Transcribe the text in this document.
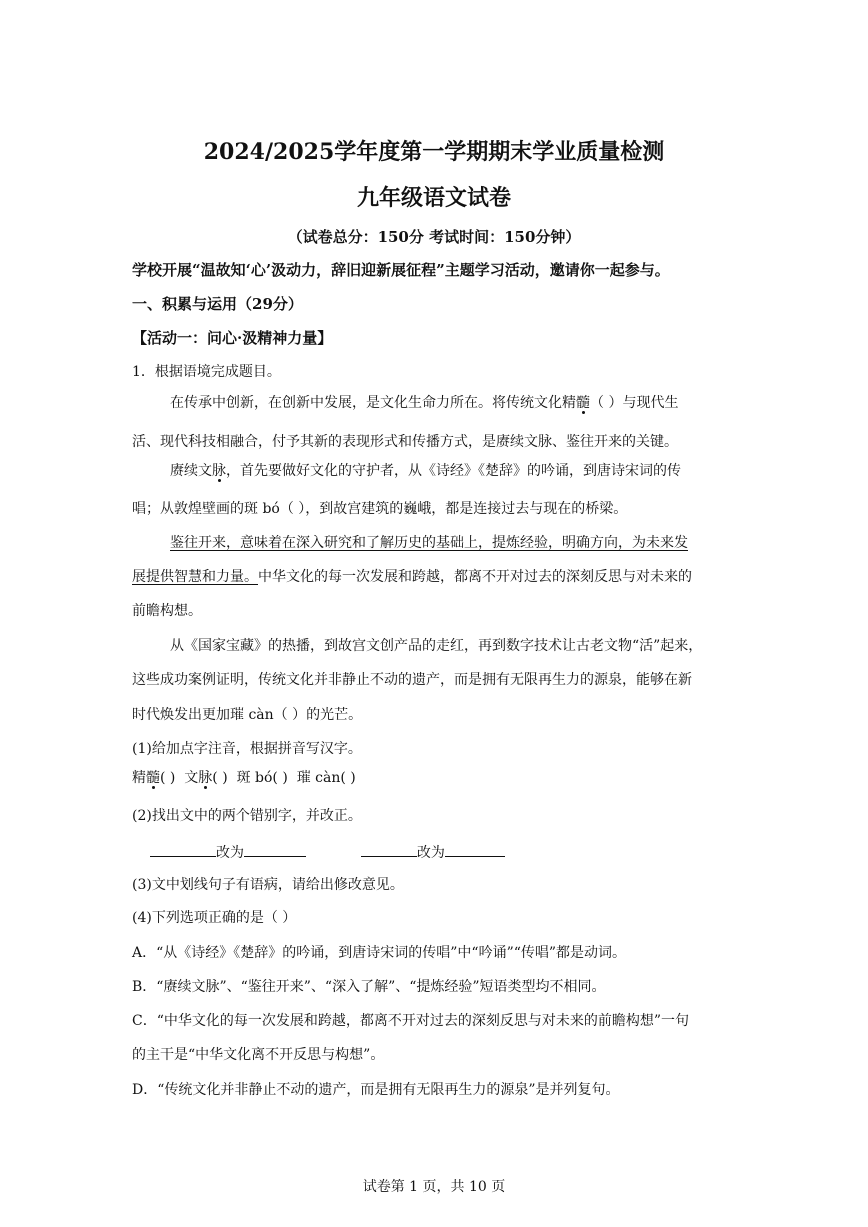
2024/2025学年度第一学期期末学业质量检测
九年级语文试卷
（试卷总分：150分 考试时间：150分钟）
学校开展“温故知‘心’汲动力，辞旧迎新展征程”主题学习活动，邀请你一起参与。
一、积累与运用（29分）
【活动一：问心·汲精神力量】
1．根据语境完成题目。
在传承中创新，在创新中发展，是文化生命力所在。将传统文化精髓（ ）与现代生
活、现代科技相融合，付予其新的表现形式和传播方式，是赓续文脉、鉴往开来的关键。
赓续文脉，首先要做好文化的守护者，从《诗经》《楚辞》的吟诵，到唐诗宋词的传
唱；从敦煌壁画的斑 bó（ ），到故宫建筑的巍峨，都是连接过去与现在的桥梁。
鉴往开来，意味着在深入研究和了解历史的基础上，提炼经验，明确方向，为未来发
展提供智慧和力量。中华文化的每一次发展和跨越，都离不开对过去的深刻反思与对未来的
前瞻构想。
从《国家宝藏》的热播，到故宫文创产品的走红，再到数字技术让古老文物“活”起来，
这些成功案例证明，传统文化并非静止不动的遗产，而是拥有无限再生力的源泉，能够在新
时代焕发出更加璀 càn（ ）的光芒。
(1)给加点字注音，根据拼音写汉字。
精髓( ) 文脉( ) 斑 bó( ) 璀 càn( )
(2)找出文中的两个错别字，并改正。
改为	改为
(3)文中划线句子有语病，请给出修改意见。
(4)下列选项正确的是（ ）
A．“从《诗经》《楚辞》的吟诵，到唐诗宋词的传唱”中“吟诵”“传唱”都是动词。
B．“赓续文脉”、“鉴往开来”、“深入了解”、“提炼经验”短语类型均不相同。
C．“中华文化的每一次发展和跨越，都离不开对过去的深刻反思与对未来的前瞻构想”一句
的主干是“中华文化离不开反思与构想”。
D．“传统文化并非静止不动的遗产，而是拥有无限再生力的源泉”是并列复句。
试卷第 1 页，共 10 页
